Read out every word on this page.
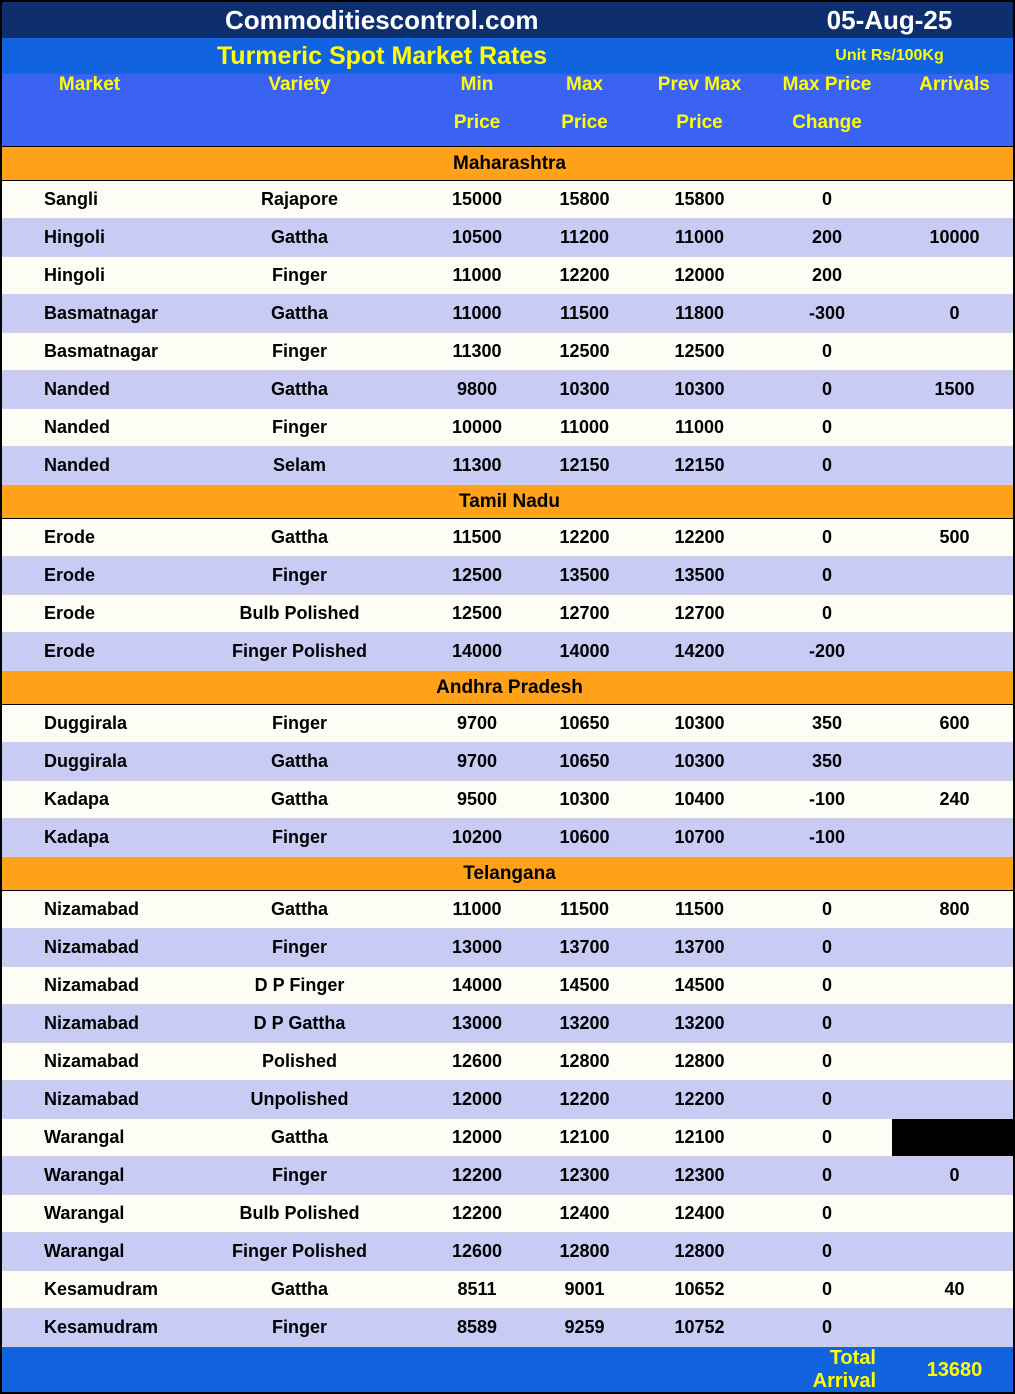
Commoditiescontrol.com					05-Aug-25	
Turmeric Spot Market Rates					Unit Rs/100Kg	
Market	Variety	Min	Max	Prev Max	Max Price	Arrivals
		Price	Price	Price	Change	
Maharashtra						
Sangli	Rajapore	15000	15800	15800	0	
Hingoli	Gattha	10500	11200	11000	200	10000
Hingoli	Finger	11000	12200	12000	200	
Basmatnagar	Gattha	11000	11500	11800	-300	0
Basmatnagar	Finger	11300	12500	12500	0	
Nanded	Gattha	9800	10300	10300	0	1500
Nanded	Finger	10000	11000	11000	0	
Nanded	Selam	11300	12150	12150	0	
Tamil Nadu						
Erode	Gattha	11500	12200	12200	0	500
Erode	Finger	12500	13500	13500	0	
Erode	Bulb Polished	12500	12700	12700	0	
Erode	Finger Polished	14000	14000	14200	-200	
Andhra Pradesh						
Duggirala	Finger	9700	10650	10300	350	600
Duggirala	Gattha	9700	10650	10300	350	
Kadapa	Gattha	9500	10300	10400	-100	240
Kadapa	Finger	10200	10600	10700	-100	
Telangana						
Nizamabad	Gattha	11000	11500	11500	0	800
Nizamabad	Finger	13000	13700	13700	0	
Nizamabad	D P Finger	14000	14500	14500	0	
Nizamabad	D P Gattha	13000	13200	13200	0	
Nizamabad	Polished	12600	12800	12800	0	
Nizamabad	Unpolished	12000	12200	12200	0	
Warangal	Gattha	12000	12100	12100	0	
Warangal	Finger	12200	12300	12300	0	0
Warangal	Bulb Polished	12200	12400	12400	0	
Warangal	Finger Polished	12600	12800	12800	0	
Kesamudram	Gattha	8511	9001	10652	0	40
Kesamudram	Finger	8589	9259	10752	0	
					Total Arrival	13680
